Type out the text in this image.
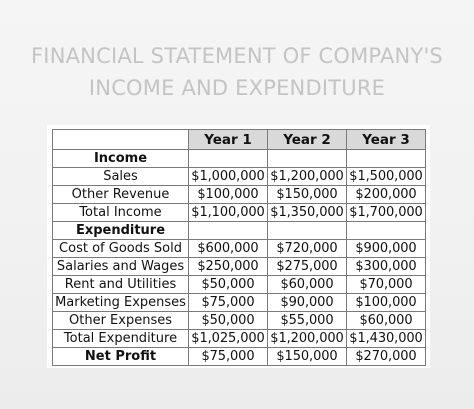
FINANCIAL STATEMENT OF COMPANY'S
INCOME AND EXPENDITURE
	Year 1	Year 2	Year 3
Income			
Sales	$1,000,000	$1,200,000	$1,500,000
Other Revenue	$100,000	$150,000	$200,000
Total Income	$1,100,000	$1,350,000	$1,700,000
Expenditure			
Cost of Goods Sold	$600,000	$720,000	$900,000
Salaries and Wages	$250,000	$275,000	$300,000
Rent and Utilities	$50,000	$60,000	$70,000
Marketing Expenses	$75,000	$90,000	$100,000
Other Expenses	$50,000	$55,000	$60,000
Total Expenditure	$1,025,000	$1,200,000	$1,430,000
Net Profit	$75,000	$150,000	$270,000
